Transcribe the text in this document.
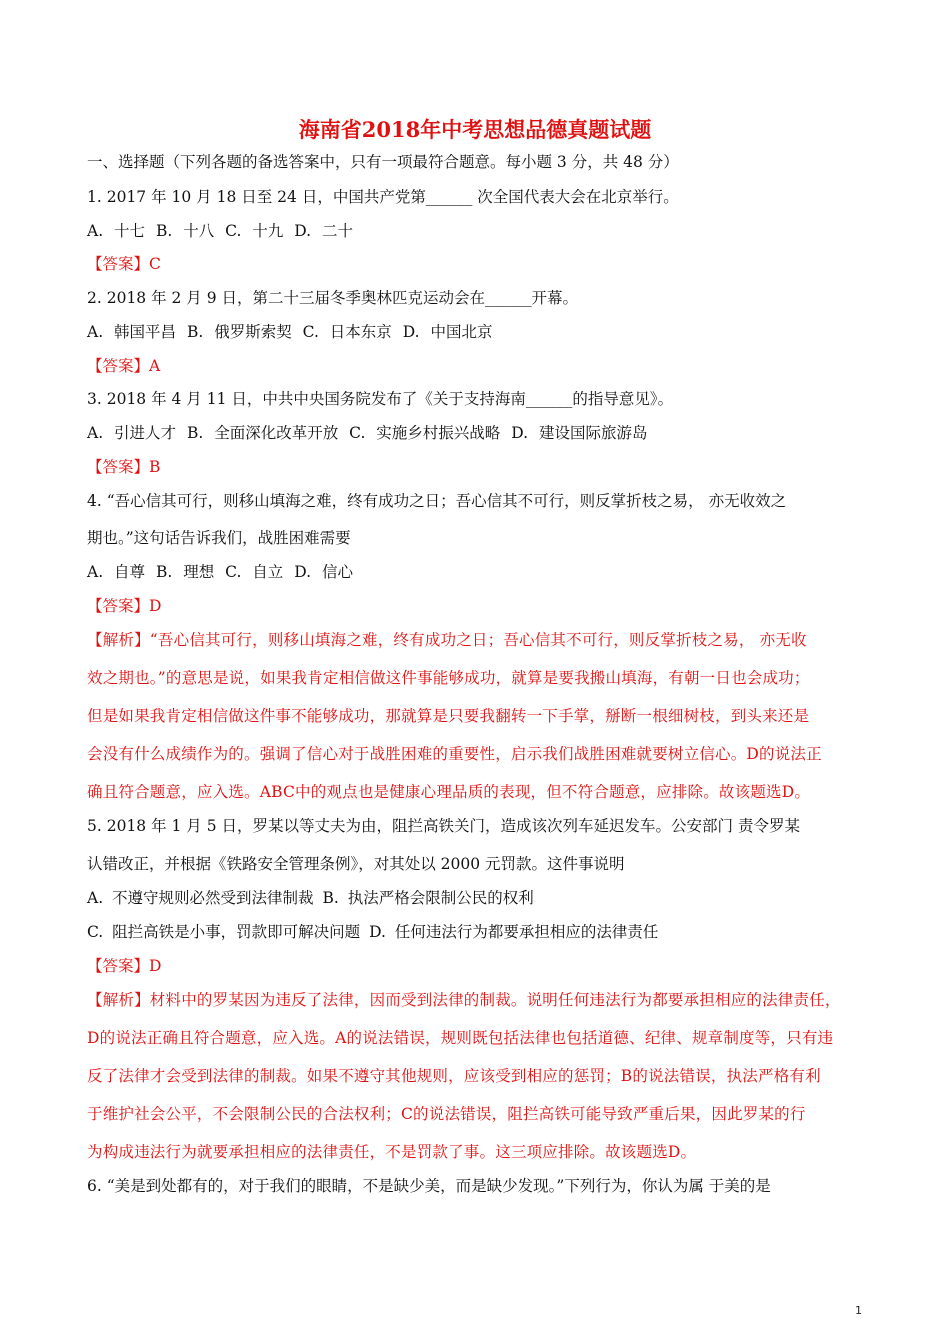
海南省2018年中考思想品德真题试题
一、选择题（下列各题的备选答案中，只有一项最符合题意。每小题 3 分，共 48 分）
1. 2017 年 10 月 18 日至 24 日，中国共产党第______ 次全国代表大会在北京举行。
A. 十七 B. 十八 C. 十九 D. 二十
【答案】C
2. 2018 年 2 月 9 日，第二十三届冬季奥林匹克运动会在______开幕。
A. 韩国平昌 B. 俄罗斯索契 C. 日本东京 D. 中国北京
【答案】A
3. 2018 年 4 月 11 日，中共中央国务院发布了《关于支持海南______的指导意见》。
A. 引进人才 B. 全面深化改革开放 C. 实施乡村振兴战略 D. 建设国际旅游岛
【答案】B
4. “吾心信其可行，则移山填海之难，终有成功之日；吾心信其不可行，则反掌折枝之易， 亦无收效之
期也。”这句话告诉我们，战胜困难需要
A. 自尊 B. 理想 C. 自立 D. 信心
【答案】D
【解析】“吾心信其可行，则移山填海之难，终有成功之日；吾心信其不可行，则反掌折枝之易， 亦无收
效之期也。”的意思是说，如果我肯定相信做这件事能够成功，就算是要我搬山填海，有朝一日也会成功；
但是如果我肯定相信做这件事不能够成功，那就算是只要我翻转一下手掌，掰断一根细树枝，到头来还是
会没有什么成绩作为的。强调了信心对于战胜困难的重要性，启示我们战胜困难就要树立信心。D的说法正
确且符合题意，应入选。ABC中的观点也是健康心理品质的表现，但不符合题意，应排除。故该题选D。
5. 2018 年 1 月 5 日，罗某以等丈夫为由，阻拦高铁关门，造成该次列车延迟发车。公安部门 责令罗某
认错改正，并根据《铁路安全管理条例》，对其处以 2000 元罚款。这件事说明
A. 不遵守规则必然受到法律制裁 B. 执法严格会限制公民的权利
C. 阻拦高铁是小事，罚款即可解决问题 D. 任何违法行为都要承担相应的法律责任
【答案】D
【解析】材料中的罗某因为违反了法律，因而受到法律的制裁。说明任何违法行为都要承担相应的法律责任，
D的说法正确且符合题意，应入选。A的说法错误，规则既包括法律也包括道德、纪律、规章制度等，只有违
反了法律才会受到法律的制裁。如果不遵守其他规则，应该受到相应的惩罚；B的说法错误，执法严格有利
于维护社会公平，不会限制公民的合法权利；C的说法错误，阻拦高铁可能导致严重后果，因此罗某的行
为构成违法行为就要承担相应的法律责任，不是罚款了事。这三项应排除。故该题选D。
6. “美是到处都有的，对于我们的眼睛，不是缺少美，而是缺少发现。”下列行为，你认为属 于美的是
1
